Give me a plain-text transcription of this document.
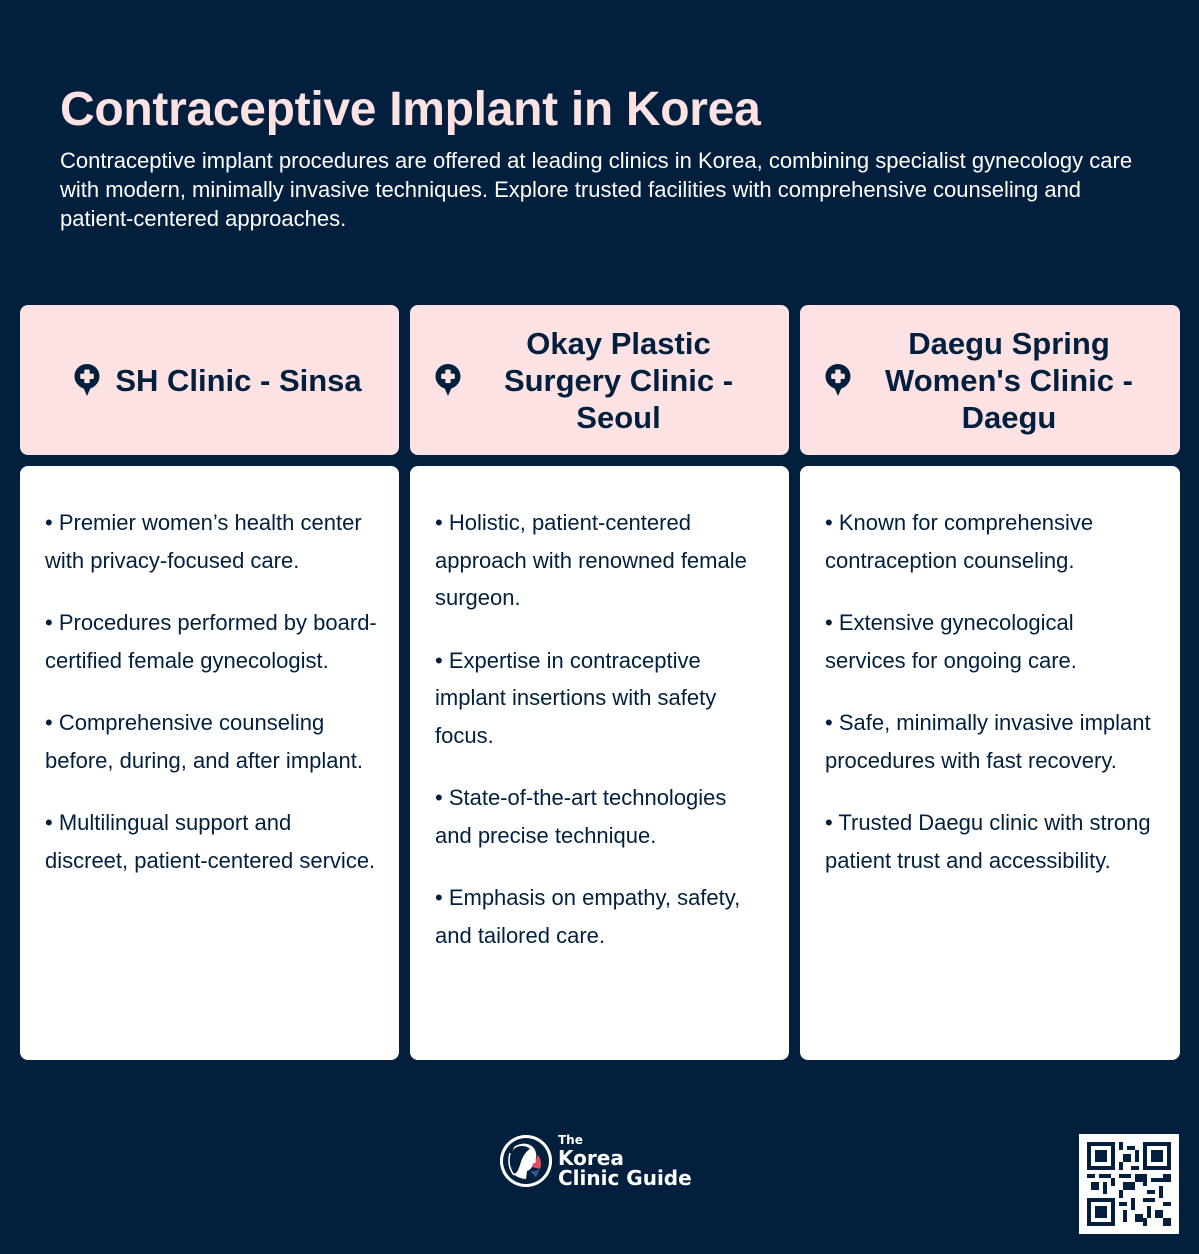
Contraceptive Implant in Korea

Contraceptive implant procedures are offered at leading clinics in Korea, combining specialist gynecology care with modern, minimally invasive techniques. Explore trusted facilities with comprehensive counseling and patient-centered approaches.

SH Clinic - Sinsa

• Premier women’s health center with privacy-focused care.

• Procedures performed by board-certified female gynecologist.

• Comprehensive counseling before, during, and after implant.

• Multilingual support and discreet, patient-centered service.

Okay Plastic Surgery Clinic - Seoul

• Holistic, patient-centered approach with renowned female surgeon.

• Expertise in contraceptive implant insertions with safety focus.

• State-of-the-art technologies and precise technique.

• Emphasis on empathy, safety, and tailored care.

Daegu Spring Women's Clinic - Daegu

• Known for comprehensive contraception counseling.

• Extensive gynecological services for ongoing care.

• Safe, minimally invasive implant procedures with fast recovery.

• Trusted Daegu clinic with strong patient trust and accessibility.

The
Korea
Clinic Guide
